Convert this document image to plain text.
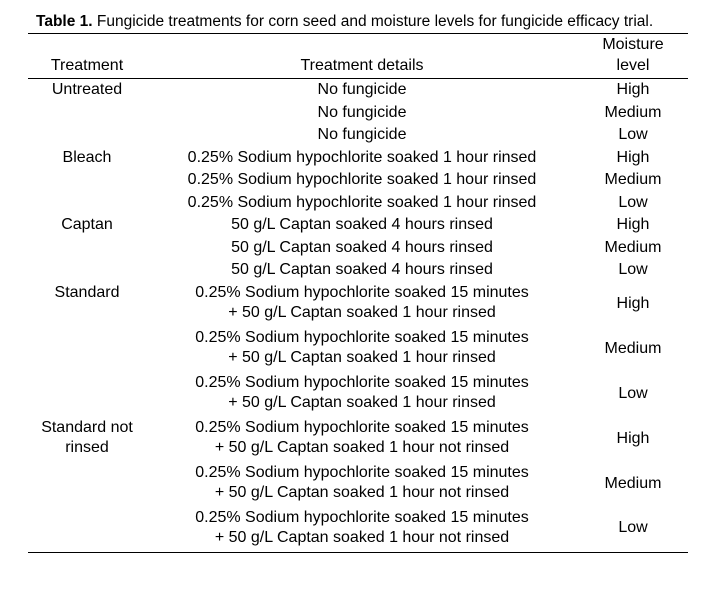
Table 1. Fungicide treatments for corn seed and moisture levels for fungicide efficacy trial.
Treatment	Treatment details	Moisture
level

Untreated	No fungicide	High

	No fungicide	Medium

	No fungicide	Low
Bleach	0.25% Sodium hypochlorite soaked 1 hour rinsed	High

	0.25% Sodium hypochlorite soaked 1 hour rinsed	Medium

	0.25% Sodium hypochlorite soaked 1 hour rinsed	Low
Captan	50 g/L Captan soaked 4 hours rinsed	High

	50 g/L Captan soaked 4 hours rinsed	Medium

	50 g/L Captan soaked 4 hours rinsed	Low
Standard	0.25% Sodium hypochlorite soaked 15 minutes
+ 50 g/L Captan soaked 1 hour rinsed	High

	0.25% Sodium hypochlorite soaked 15 minutes
+ 50 g/L Captan soaked 1 hour rinsed	Medium

	0.25% Sodium hypochlorite soaked 15 minutes
+ 50 g/L Captan soaked 1 hour rinsed	Low
Standard not rinsed	0.25% Sodium hypochlorite soaked 15 minutes
+ 50 g/L Captan soaked 1 hour not rinsed	High

	0.25% Sodium hypochlorite soaked 15 minutes
+ 50 g/L Captan soaked 1 hour not rinsed	Medium

	0.25% Sodium hypochlorite soaked 15 minutes
+ 50 g/L Captan soaked 1 hour not rinsed	Low
